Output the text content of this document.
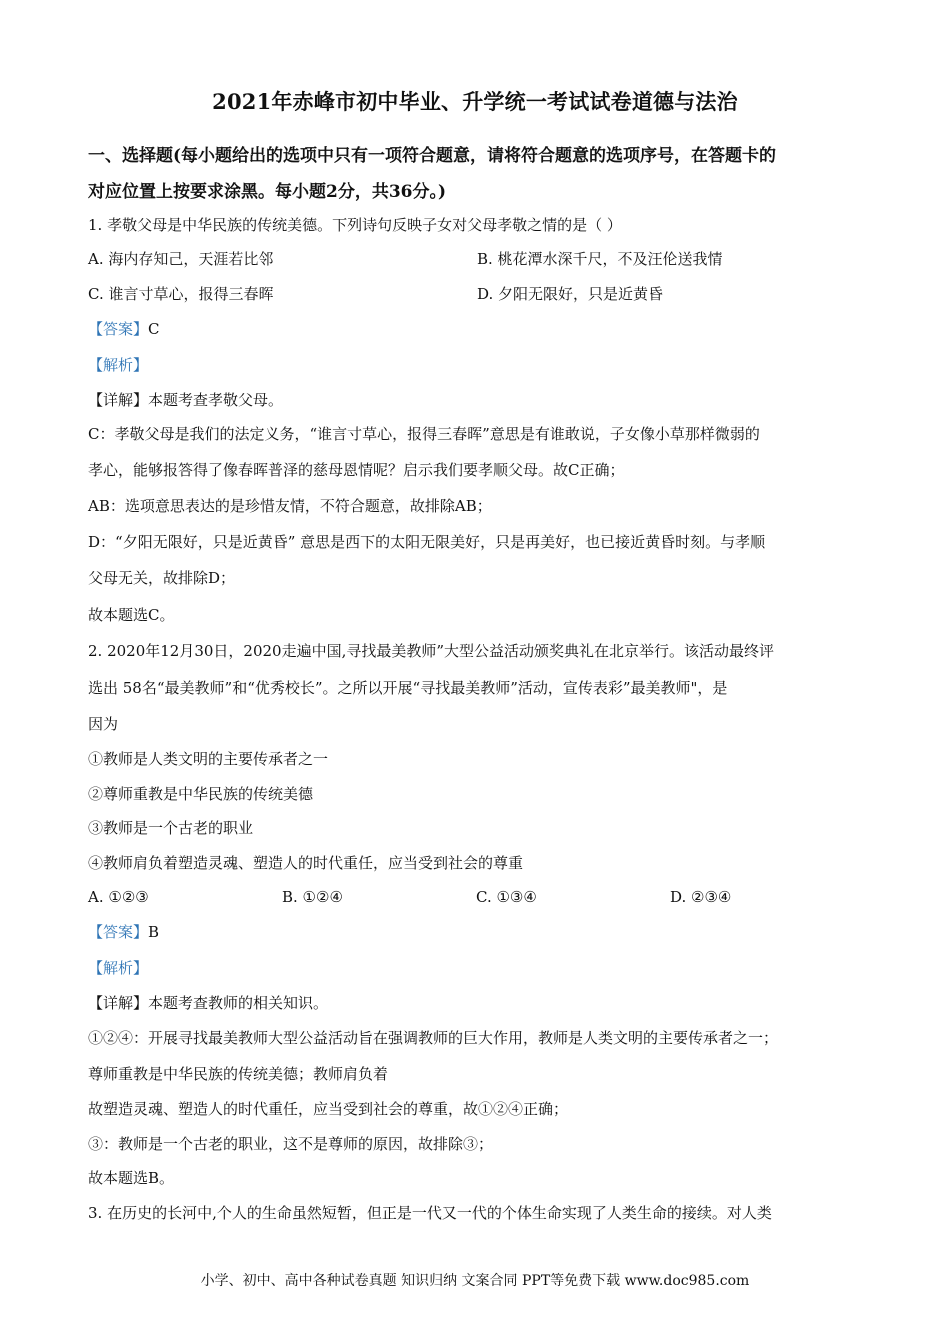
2021年赤峰市初中毕业、升学统一考试试卷道德与法治
一、选择题(每小题给出的选项中只有一项符合题意，请将符合题意的选项序号，在答题卡的
对应位置上按要求涂黑。每小题2分，共36分。)
1. 孝敬父母是中华民族的传统美德。下列诗句反映子女对父母孝敬之情的是（ ）
A. 海内存知己，天涯若比邻	B. 桃花潭水深千尺，不及汪伦送我情
C. 谁言寸草心，报得三春晖	D. 夕阳无限好，只是近黄昏
【答案】C
【解析】
【详解】本题考查孝敬父母。
C：孝敬父母是我们的法定义务，“谁言寸草心，报得三春晖”意思是有谁敢说，子女像小草那样微弱的
孝心，能够报答得了像春晖普泽的慈母恩情呢？启示我们要孝顺父母。故C正确；
AB：选项意思表达的是珍惜友情，不符合题意，故排除AB；
D：“夕阳无限好，只是近黄昏” 意思是西下的太阳无限美好，只是再美好，也已接近黄昏时刻。与孝顺
父母无关，故排除D；
故本题选C。
2. 2020年12月30日，2020走遍中国,寻找最美教师”大型公益活动颁奖典礼在北京举行。该活动最终评
选出 58名“最美教师”和“优秀校长”。之所以开展“寻找最美教师”活动，宣传表彩”最美教师"，是
因为
①教师是人类文明的主要传承者之一
②尊师重教是中华民族的传统美德
③教师是一个古老的职业
④教师肩负着塑造灵魂、塑造人的时代重任，应当受到社会的尊重
A. ①②③	B. ①②④	C. ①③④	D. ②③④
【答案】B
【解析】
【详解】本题考查教师的相关知识。
①②④：开展寻找最美教师大型公益活动旨在强调教师的巨大作用，教师是人类文明的主要传承者之一；
尊师重教是中华民族的传统美德；教师肩负着
故塑造灵魂、塑造人的时代重任，应当受到社会的尊重，故①②④正确；
③：教师是一个古老的职业，这不是尊师的原因，故排除③；
故本题选B。
3. 在历史的长河中,个人的生命虽然短暂，但正是一代又一代的个体生命实现了人类生命的接续。对人类
小学、初中、高中各种试卷真题 知识归纳 文案合同 PPT等免费下载 www.doc985.com
